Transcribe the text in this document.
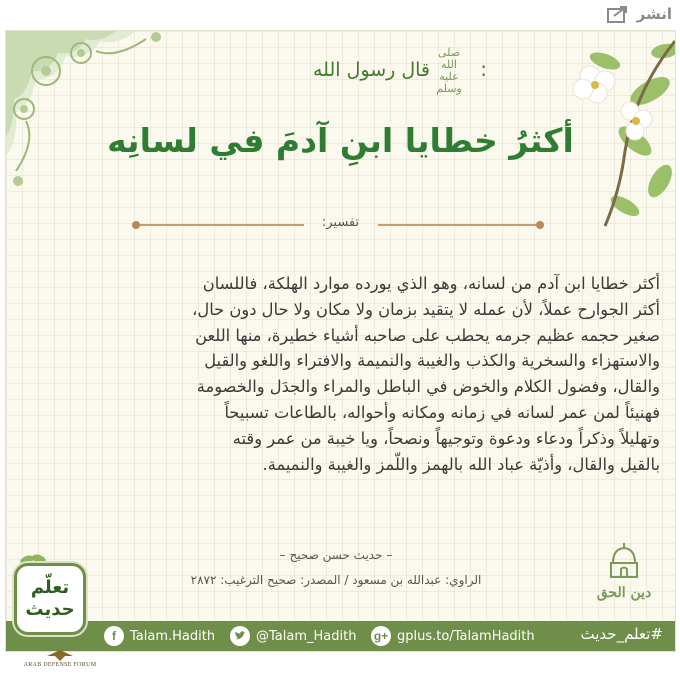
انشر
قال رسول الله
صلى الله عليه وسلم
:
أكثرُ خطايا ابنِ آدمَ في لسانِه
تفسير:
أكثر خطايا ابن آدم من لسانه، وهو الذي يورده موارد الهلكة، فاللسان
أكثر الجوارح عملاً، لأن عمله لا يتقيد بزمان ولا مكان ولا حال دون حال،
صغير حجمه عظيم جرمه يحطب على صاحبه أشياء خطيرة، منها اللعن
والاستهزاء والسخرية والكذب والغيبة والنميمة والافتراء واللغو والقيل
والقال، وفضول الكلام والخوض في الباطل والمراء والجدَل والخصومة
فهنيئاً لمن عمر لسانه في زمانه ومكانه وأحواله، بالطاعات تسبيحاً
وتهليلاً وذكراً ودعاء ودعوة وتوجيهاً ونصحاً، ويا خيبة من عمر وقته
بالقيل والقال، وأذيّة عباد الله بالهمز واللّمز والغيبة والنميمة.
– حديث حسن صحيح –
الراوي: عبدالله بن مسعود / المصدر: صحيح الترغيب: ٢٨٧٢
دين الحق
f	Talam.Hadith	@Talam_Hadith g+ gplus.to/TalamHadith	#تعلم_حديث
تعلّم
حديث
ARAB DEFENSE FORUM
